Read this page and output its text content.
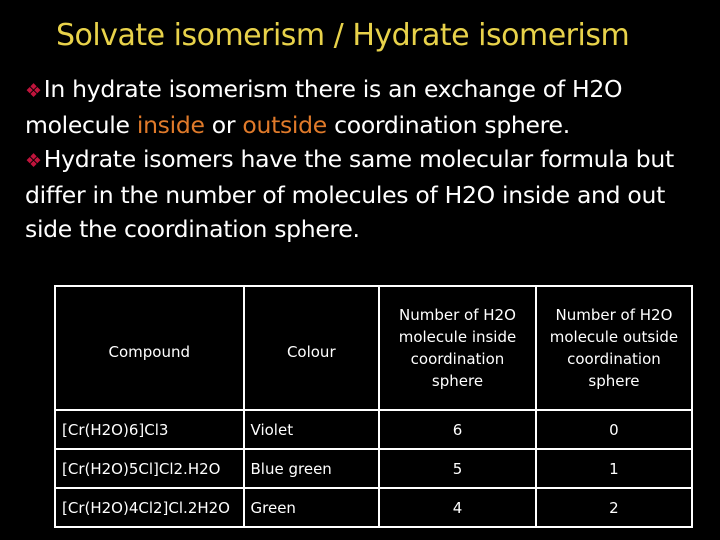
Solvate isomerism / Hydrate isomerism
❖In hydrate isomerism there is an exchange of H2O molecule inside or outside coordination sphere.
❖Hydrate isomers have the same molecular formula but differ in the number of molecules of H2O inside and out side the coordination sphere.
Compound	Colour	Number of H2O molecule inside coordination sphere	Number of H2O molecule outside coordination sphere
[Cr(H2O)6]Cl3	Violet	6	0
[Cr(H2O)5Cl]Cl2.H2O	Blue green	5	1
[Cr(H2O)4Cl2]Cl.2H2O	Green	4	2
